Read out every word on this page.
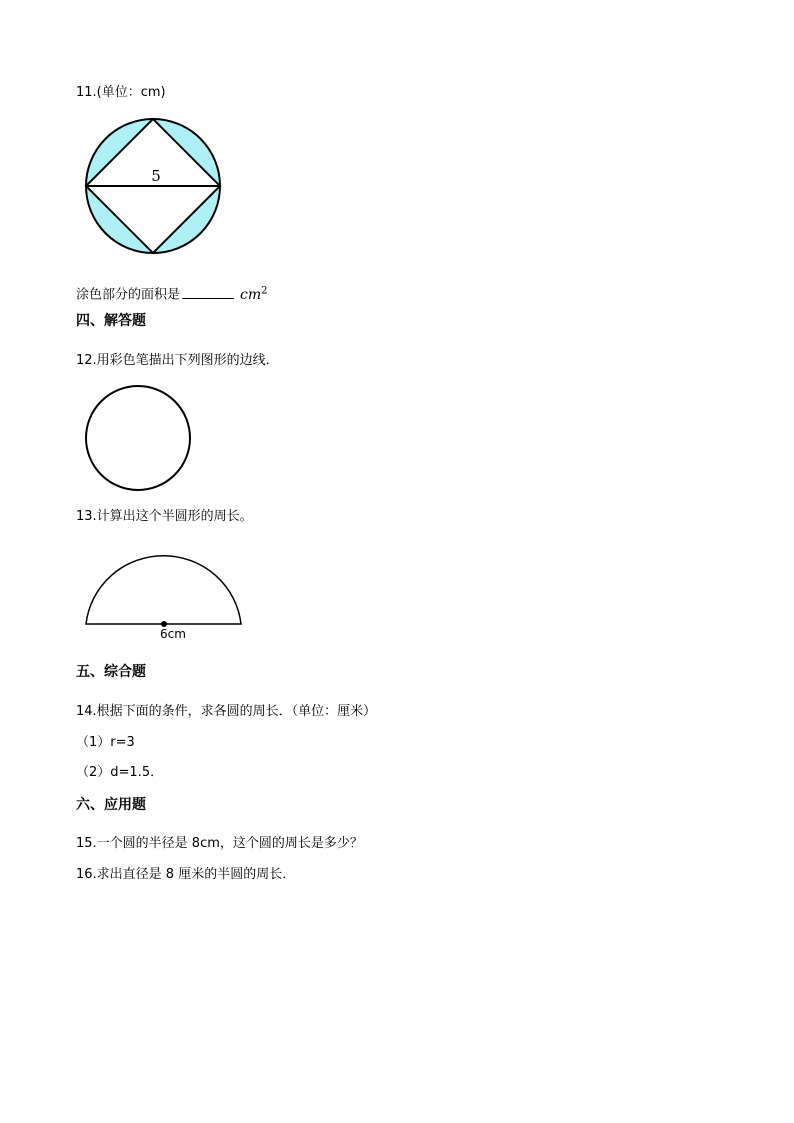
11.(单位：cm)
5
涂色部分的面积是	$cm^2$
四、解答题
12.用彩色笔描出下列图形的边线．
13.计算出这个半圆形的周长。
6cm
五、综合题
14.根据下面的条件，求各圆的周长．（单位：厘米）
（1）r=3
（2）d=1.5．
六、应用题
15.一个圆的半径是 8cm，这个圆的周长是多少？
16.求出直径是 8 厘米的半圆的周长．
